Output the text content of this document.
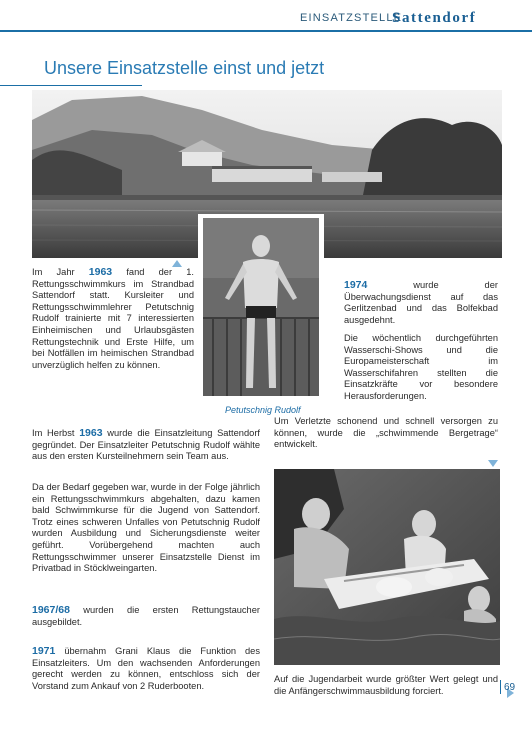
EINSATZSTELLE
Sattendorf
Unsere Einsatzstelle einst und jetzt
Petutschnig Rudolf
Im Jahr 1963 fand der 1. Rettungsschwimmkurs im Strandbad Sattendorf statt. Kursleiter und Rettungsschwimmlehrer Petutschnig Rudolf trainierte mit 7 interessierten Einheimischen und Urlaubsgästen Rettungstechnik und Erste Hilfe, um bei Notfällen im heimischen Strandbad unverzüglich helfen zu können.
Im Herbst 1963 wurde die Einsatzleitung Sattendorf gegründet. Der Einsatzleiter Petutschnig Rudolf wählte aus den ersten Kursteilnehmern sein Team aus.
Da der Bedarf gegeben war, wurde in der Folge jährlich ein Rettungsschwimmkurs abgehalten, dazu kamen bald Schwimmkurse für die Jugend von Sattendorf. Trotz eines schweren Unfalles von Petutschnig Rudolf wurden Ausbildung und Sicherungsdienste weiter geführt. Vorübergehend machten auch Rettungsschwimmer unserer Einsatzstelle Dienst im Privatbad in Stöcklweingarten.
1967/68 wurden die ersten Rettungstaucher ausgebildet.
1971 übernahm Grani Klaus die Funktion des Einsatzleiters. Um den wachsenden Anforderungen gerecht werden zu können, entschloss sich der Vorstand zum Ankauf von 2 Ruderbooten.
1974 wurde der Überwachungsdienst auf das Gerlitzenbad und das Bolfekbad ausgedehnt.
Die wöchentlich durchgeführten Wasserschi-Shows und die Europameisterschaft im Wasserschifahren stellten die Einsatzkräfte vor besondere Herausforderungen.
Um Verletzte schonend und schnell versorgen zu können, wurde die „schwimmende Bergetrage“ entwickelt.
Auf die Jugendarbeit wurde größter Wert gelegt und die Anfängerschwimmausbildung forciert.	69
